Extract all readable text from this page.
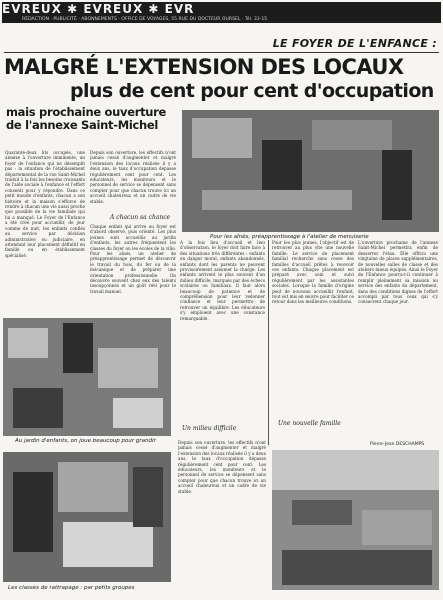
EVREUX ✱ EVREUX ✱ EVR
RÉDACTION · PUBLICITÉ · ABONNEMENTS · OFFICE DE VOYAGES, 55 RUE DU DOCTEUR OURSEL · Tél. 33-15
LE FOYER DE L'ENFANCE :
MALGRÉ L'EXTENSION DES LOCAUX
plus de cent pour cent d'occupation
mais prochaine ouverture de l'annexe Saint-Michel
Pour les aînés, préapprentissage à l'atelier de menuiserie
Quarante-deux lits occupés, une annexe à l'ouverture imminente, un foyer de l'enfance qui ne désemplit pas : la situation de l'établissement départemental de la rue Saint-Michel traduit à la fois les besoins croissants de l'aide sociale à l'enfance et l'effort consenti pour y répondre. Dans ce petit monde d'enfants, chacun a son histoire et la maison s'efforce de rendre à chacun une vie aussi proche que possible de la vie familiale qui lui a manqué. Le Foyer de l'Enfance a été créé pour accueillir, de jour comme de nuit, les enfants confiés au service par décision administrative ou judiciaire, en attendant leur placement définitif en famille ou en établissement spécialisé.
Depuis son ouverture, les effectifs n'ont jamais cessé d'augmenter et malgré l'extension des locaux réalisée il y a deux ans, le taux d'occupation dépasse régulièrement cent pour cent. Les éducateurs, les moniteurs et le personnel de service se dépensent sans compter pour que chacun trouve ici un accueil chaleureux et un cadre de vie stable.
A chacun sa chance
Chaque enfant qui arrive au foyer est d'abord observé, puis orienté. Les plus jeunes sont accueillis au jardin d'enfants, les autres fréquentent les classes du foyer ou les écoles de la ville. Pour les aînés, un atelier de préapprentissage permet de découvrir le travail du bois, du fer ou de la mécanique et de préparer une orientation professionnelle. On découvre souvent chez eux des talents insoupçonnés et un goût réel pour le travail manuel.
Au jardin d'enfants, on joue beaucoup pour grandir
A la fois lieu d'accueil et lieu d'observation, le foyer doit faire face à des situations très différentes : enfants en danger moral, enfants abandonnés, enfants dont les parents ne peuvent provisoirement assumer la charge. Les enfants arrivent le plus souvent d'un milieu difficile, marqués par des échecs scolaires ou familiaux. Il faut alors beaucoup de patience et de compréhension pour leur redonner confiance et leur permettre de retrouver un équilibre. Les éducateurs s'y emploient avec une constance remarquable.
Un milieu difficile
Pour les plus jeunes, l'objectif est de retrouver au plus vite une nouvelle famille. Le service de placement familial recherche sans cesse des familles d'accueil prêtes à recevoir ces enfants. Chaque placement est préparé avec soin et suivi régulièrement par les assistantes sociales. Lorsque la famille d'origine peut de nouveau accueillir l'enfant, tout est mis en œuvre pour faciliter ce retour dans les meilleures conditions.
Une nouvelle famille
L'ouverture prochaine de l'annexe Saint-Michel permettra enfin de desserrer l'étau. Elle offrira une vingtaine de places supplémentaires, de nouvelles salles de classe et des ateliers mieux équipés. Ainsi le Foyer de l'Enfance pourra-t-il continuer à remplir pleinement sa mission au service des enfants du département, dans des conditions dignes de l'effort accompli par tous ceux qui s'y consacrent chaque jour.
Les classes de rattrapage : par petits groupes
Depuis son ouverture, les effectifs n'ont jamais cessé d'augmenter et malgré l'extension des locaux réalisée il y a deux ans, le taux d'occupation dépasse régulièrement cent pour cent. Les éducateurs, les moniteurs et le personnel de service se dépensent sans compter pour que chacun trouve ici un accueil chaleureux et un cadre de vie stable.
Pierre-Jean DESCHAMPS
